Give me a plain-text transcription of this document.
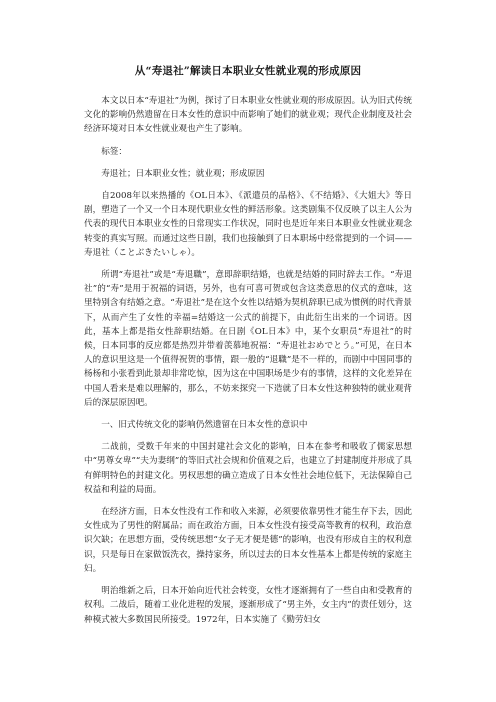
从“寿退社”解读日本职业女性就业观的形成原因

本文以日本“寿退社”为例，探讨了日本职业女性就业观的形成原因。认为旧式传统文化的影响仍然遗留在日本女性的意识中而影响了她们的就业观；现代企业制度及社会经济环境对日本女性就业观也产生了影响。

标签：

寿退社；日本职业女性；就业观；形成原因

自2008年以来热播的《OL日本》、《派遣员的品格》、《不结婚》、《大姐大》等日剧，塑造了一个又一个日本现代职业女性的鲜活形象。这类剧集不仅反映了以主人公为代表的现代日本职业女性的日常现实工作状况，同时也是近年来日本职业女性就业观念转变的真实写照。而通过这些日剧，我们也接触到了日本职场中经常提到的一个词——寿退社（ことぶきたいしゃ）。

所谓“寿退社”或是“寿退職”，意即辞职结婚，也就是结婚的同时辞去工作。“寿退社”的“寿”是用于祝福的词语，另外，也有可喜可贺或包含这类意思的仪式的意味，这里特别含有结婚之意。“寿退社”是在这个女性以结婚为契机辞职已成为惯例的时代背景下，从而产生了女性的幸福=结婚这一公式的前提下，由此衍生出来的一个词语。因此，基本上都是指女性辞职结婚。在日剧《OL日本》中，某个女职员“寿退社”的时候，日本同事的反应都是热烈并带着羡慕地祝福：“寿退社おめでとう。”可见，在日本人的意识里这是一个值得祝贺的事情，跟一般的“退職”是不一样的，而剧中中国同事的杨杨和小张看到此景却非常吃惊，因为这在中国职场是少有的事情，这样的文化差异在中国人看来是难以理解的，那么，不妨来探究一下造就了日本女性这种独特的就业观背后的深层原因吧。

一、旧式传统文化的影响仍然遗留在日本女性的意识中

二战前，受数千年来的中国封建社会文化的影响，日本在参考和吸收了儒家思想中“男尊女卑”“夫为妻纲”的等旧式社会规和价值观之后，也建立了封建制度并形成了具有鲜明特色的封建文化。男权思想的确立造成了日本女性社会地位低下，无法保障自己权益和利益的局面。

在经济方面，日本女性没有工作和收入来源，必须要依靠男性才能生存下去，因此女性成为了男性的附属品；而在政治方面，日本女性没有接受高等教育的权利，政治意识欠缺；在思想方面，受传统思想“女子无才便是德”的影响，也没有形成自主的权利意识，只是每日在家做饭洗衣，操持家务，所以过去的日本女性基本上都是传统的家庭主妇。

明治维新之后，日本开始向近代社会转变，女性才逐渐拥有了一些自由和受教育的权利。二战后，随着工业化进程的发展，逐渐形成了“男主外，女主内”的责任划分，这种模式被大多数国民所接受。1972年，日本实施了《勤劳妇女
